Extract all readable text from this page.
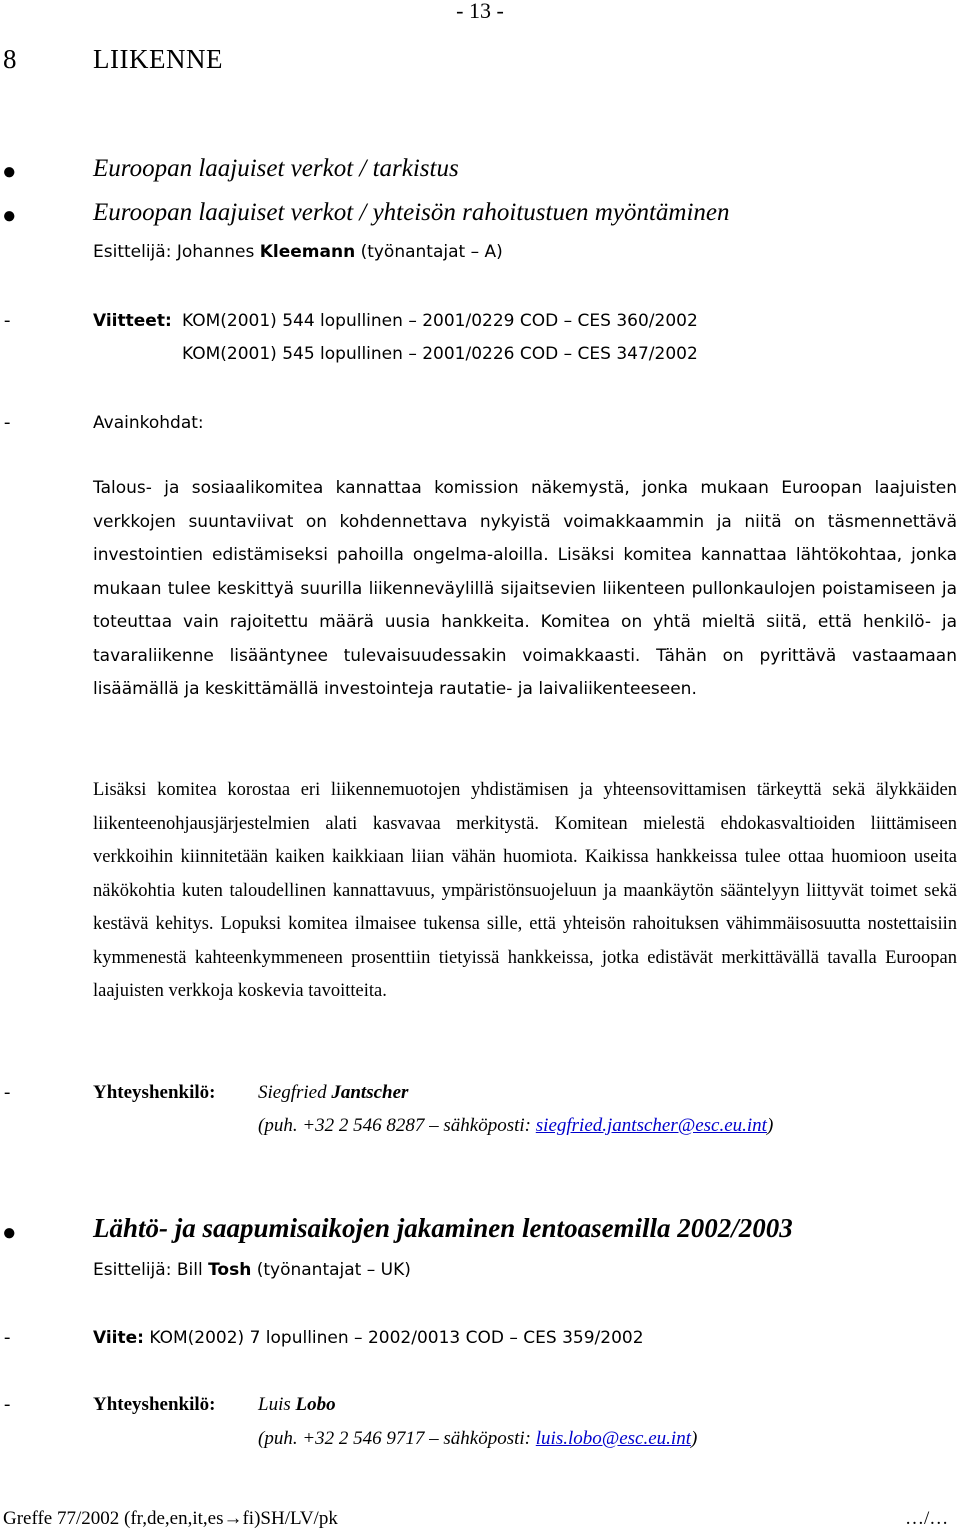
- 13 -
8	LIIKENNE
●	Euroopan laajuiset verkot / tarkistus
●	Euroopan laajuiset verkot / yhteisön rahoitustuen myöntäminen
Esittelijä: Johannes Kleemann (työnantajat – A)
-	Viitteet: KOM(2001) 544 lopullinen – 2001/0229 COD – CES 360/2002
KOM(2001) 545 lopullinen – 2001/0226 COD – CES 347/2002
-	Avainkohdat:
Talous- ja sosiaalikomitea kannattaa komission näkemystä, jonka mukaan Euroopan laajuisten verkkojen suuntaviivat on kohdennettava nykyistä voimakkaammin ja niitä on täsmennettävä investointien edistämiseksi pahoilla ongelma-aloilla. Lisäksi komitea kannattaa lähtökohtaa, jonka mukaan tulee keskittyä suurilla liikenneväylillä sijaitsevien liikenteen pullonkaulojen poistamiseen ja toteuttaa vain rajoitettu määrä uusia hankkeita. Komitea on yhtä mieltä siitä, että henkilö- ja tavaraliikenne lisääntynee tulevaisuudessakin voimakkaasti. Tähän on pyrittävä vastaamaan lisäämällä ja keskittämällä investointeja rautatie- ja laivaliikenteeseen.
Lisäksi komitea korostaa eri liikennemuotojen yhdistämisen ja yhteensovittamisen tärkeyttä sekä älykkäiden liikenteenohjausjärjestelmien alati kasvavaa merkitystä. Komitean mielestä ehdokasvaltioiden liittämiseen verkkoihin kiinnitetään kaiken kaikkiaan liian vähän huomiota. Kaikissa hankkeissa tulee ottaa huomioon useita näkökohtia kuten taloudellinen kannattavuus, ympäristönsuojeluun ja maankäytön sääntelyyn liittyvät toimet sekä kestävä kehitys. Lopuksi komitea ilmaisee tukensa sille, että yhteisön rahoituksen vähimmäisosuutta nostettaisiin kymmenestä kahteenkymmeneen prosenttiin tietyissä hankkeissa, jotka edistävät merkittävällä tavalla Euroopan laajuisten verkkoja koskevia tavoitteita.
-	Yhteyshenkilö: Siegfried Jantscher
(puh. +32 2 546 8287 – sähköposti: siegfried.jantscher@esc.eu.int)
●	Lähtö- ja saapumisaikojen jakaminen lentoasemilla 2002/2003
Esittelijä: Bill Tosh (työnantajat – UK)
-	Viite: KOM(2002) 7 lopullinen – 2002/0013 COD – CES 359/2002
-	Yhteyshenkilö: Luis Lobo
(puh. +32 2 546 9717 – sähköposti: luis.lobo@esc.eu.int)
Greffe 77/2002 (fr,de,en,it,es→fi)SH/LV/pk	…/…
